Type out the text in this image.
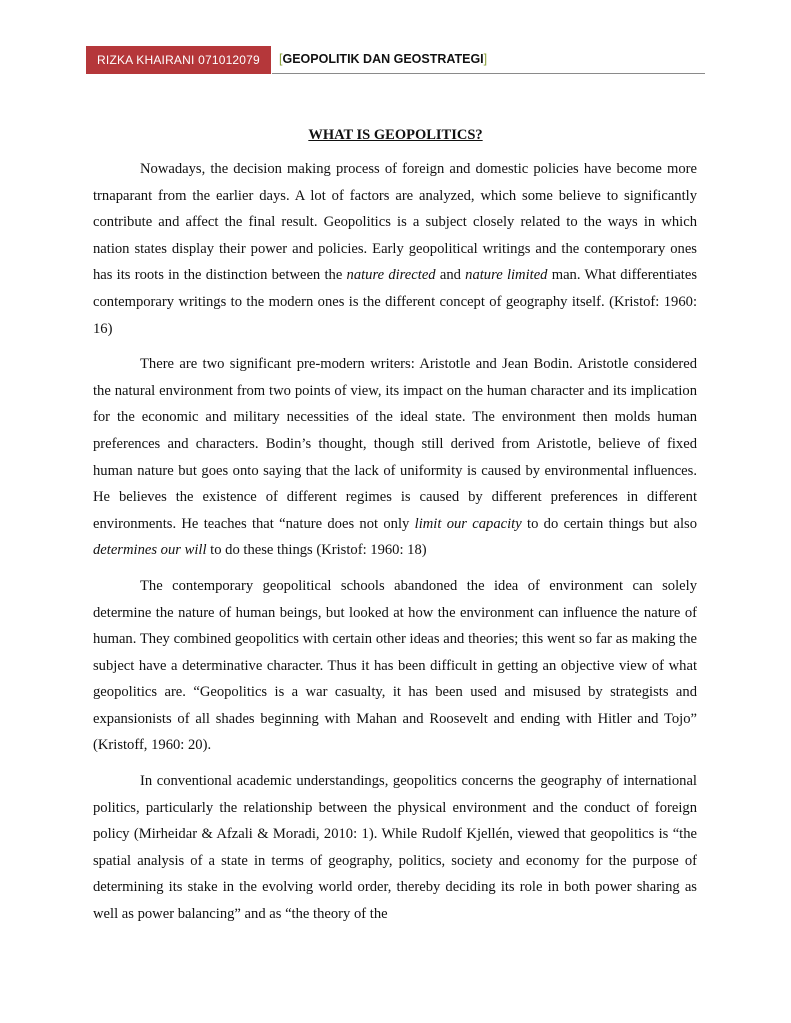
RIZKA KHAIRANI 071012079	[GEOPOLITIK DAN GEOSTRATEGI]
WHAT IS GEOPOLITICS?

Nowadays, the decision making process of foreign and domestic policies have become more trnaparant from the earlier days. A lot of factors are analyzed, which some believe to significantly contribute and affect the final result. Geopolitics is a subject closely related to the ways in which nation states display their power and policies. Early geopolitical writings and the contemporary ones has its roots in the distinction between the nature directed and nature limited man. What differentiates contemporary writings to the modern ones is the different concept of geography itself. (Kristof: 1960: 16)

There are two significant pre-modern writers: Aristotle and Jean Bodin. Aristotle considered the natural environment from two points of view, its impact on the human character and its implication for the economic and military necessities of the ideal state. The environment then molds human preferences and characters. Bodin’s thought, though still derived from Aristotle, believe of fixed human nature but goes onto saying that the lack of uniformity is caused by environmental influences. He believes the existence of different regimes is caused by different preferences in different environments. He teaches that “nature does not only limit our capacity to do certain things but also determines our will to do these things (Kristof: 1960: 18)

The contemporary geopolitical schools abandoned the idea of environment can solely determine the nature of human beings, but looked at how the environment can influence the nature of human. They combined geopolitics with certain other ideas and theories; this went so far as making the subject have a determinative character. Thus it has been difficult in getting an objective view of what geopolitics are. “Geopolitics is a war casualty, it has been used and misused by strategists and expansionists of all shades beginning with Mahan and Roosevelt and ending with Hitler and Tojo” (Kristoff, 1960: 20).

In conventional academic understandings, geopolitics concerns the geography of international politics, particularly the relationship between the physical environment and the conduct of foreign policy (Mirheidar & Afzali & Moradi, 2010: 1). While Rudolf Kjellén, viewed that geopolitics is “the spatial analysis of a state in terms of geography, politics, society and economy for the purpose of determining its stake in the evolving world order, thereby deciding its role in both power sharing as well as power balancing” and as “the theory of the
